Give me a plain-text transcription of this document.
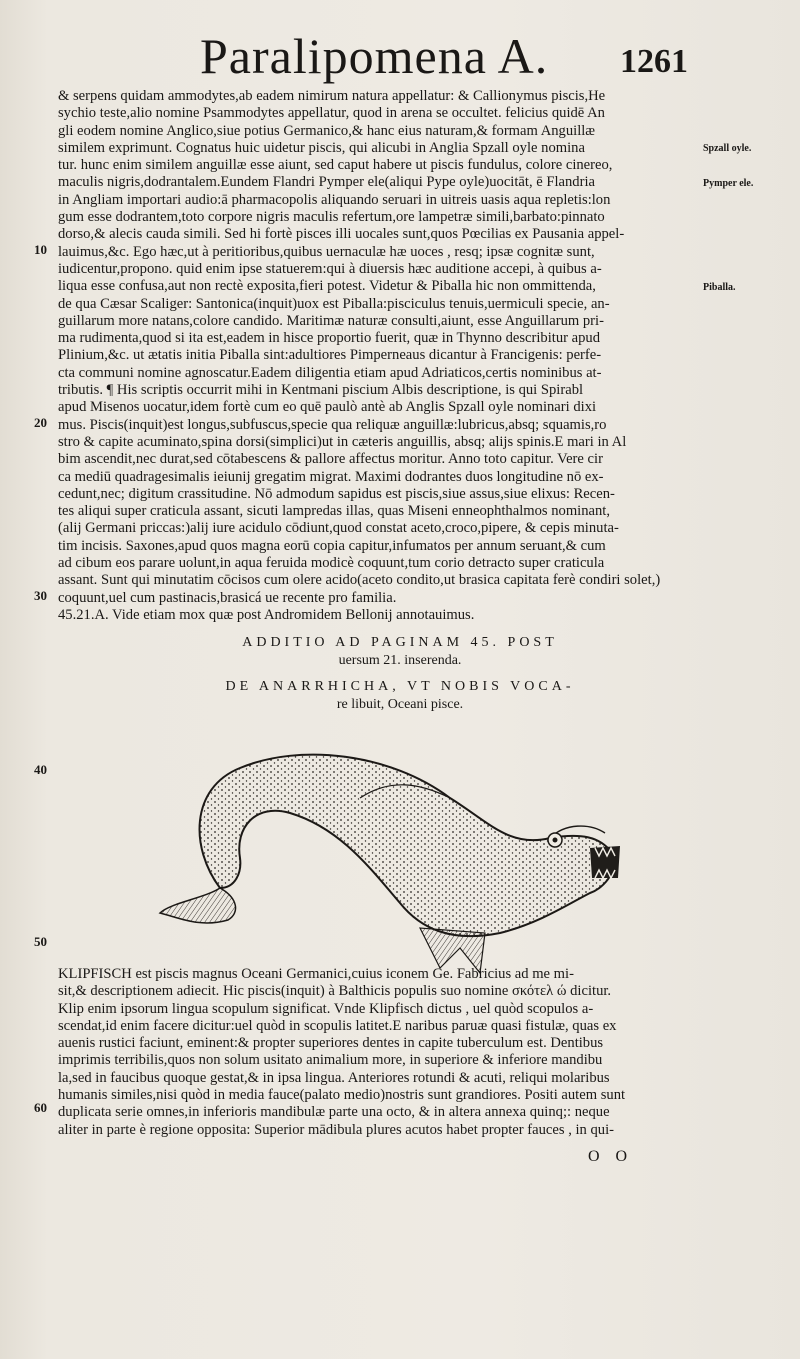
Paralipomena A. 1261
& serpens quidam ammodytes,ab eadem nimirum natura appellatur: & Callionymus piscis,He
sychio teste,alio nomine Psammodytes appellatur, quod in arena se occultet. felicius quidē An
gli eodem nomine Anglico,siue potius Germanico,& hanc eius naturam,& formam Anguillæ
similem exprimunt. Cognatus huic uidetur piscis, qui alicubi in Anglia Spzall oyle nomina
tur. hunc enim similem anguillæ esse aiunt, sed caput habere ut piscis fundulus, colore cinereo,
maculis nigris,dodrantalem.Eundem Flandri Pymper ele(aliqui Pype oyle)uocitāt, ē Flandria
in Angliam importari audio:ā pharmacopolis aliquando seruari in uitreis uasis aqua repletis:lon
gum esse dodrantem,toto corpore nigris maculis refertum,ore lampetræ simili,barbato:pinnato
dorso,& alecis cauda simili. Sed hi fortè pisces illi uocales sunt,quos Pœcilias ex Pausania appel-
lauimus,&c. Ego hæc,ut à peritioribus,quibus uernaculæ hæ uoces , resq; ipsæ cognitæ sunt,
iudicentur,propono. quid enim ipse statuerem:qui à diuersis hæc auditione accepi, à quibus a-
liqua esse confusa,aut non rectè exposita,fieri potest. Videtur & Piballa hic non ommittenda,
de qua Cæsar Scaliger: Santonica(inquit)uox est Piballa:pisciculus tenuis,uermiculi specie, an-
guillarum more natans,colore candido. Maritimæ naturæ consulti,aiunt, esse Anguillarum pri-
ma rudimenta,quod si ita est,eadem in hisce proportio fuerit, quæ in Thynno describitur apud
Plinium,&c. ut ætatis initia Piballa sint:adultiores Pimperneaus dicantur à Francigenis: perfe-
cta communi nomine agnoscatur.Eadem diligentia etiam apud Adriaticos,certis nominibus at-
tributis. ¶ His scriptis occurrit mihi in Kentmani piscium Albis descriptione, is qui Spirabl
apud Misenos uocatur,idem fortè cum eo quē paulò antè ab Anglis Spzall oyle nominari dixi
mus. Piscis(inquit)est longus,subfuscus,specie qua reliquæ anguillæ:lubricus,absq; squamis,ro
stro & capite acuminato,spina dorsi(simplici)ut in cæteris anguillis, absq; alijs spinis.E mari in Al
bim ascendit,nec durat,sed cōtabescens & pallore affectus moritur. Anno toto capitur. Vere cir
ca mediū quadragesimalis ieiunij gregatim migrat. Maximi dodrantes duos longitudine nō ex-
cedunt,nec; digitum crassitudine. Nō admodum sapidus est piscis,siue assus,siue elixus: Recen-
tes aliqui super craticula assant, sicuti lampredas illas, quas Miseni enneophthalmos nominant,
(alij Germani priccas:)alij iure acidulo cōdiunt,quod constat aceto,croco,pipere, & cepis minuta-
tim incisis. Saxones,apud quos magna eorū copia capitur,infumatos per annum seruant,& cum
ad cibum eos parare uolunt,in aqua feruida modicè coquunt,tum corio detracto super craticula
assant. Sunt qui minutatim cōcisos cum olere acido(aceto condito,ut brasica capitata ferè condiri solet,)
coquunt,uel cum pastinacis,brasicá ue recente pro familia.
45.21.A. Vide etiam mox quæ post Andromidem Bellonij annotauimus.
ADDITIO AD PAGINAM 45. POST
uersum 21. inserenda.
DE ANARRHICHA, VT NOBIS VOCA-
re libuit, Oceani pisce.
KLIPFISCH est piscis magnus Oceani Germanici,cuius iconem Ge. Fabricius ad me mi-
sit,& descriptionem adiecit. Hic piscis(inquit) à Balthicis populis suo nomine σκότελ ώ dicitur.
Klip enim ipsorum lingua scopulum significat. Vnde Klipfisch dictus , uel quòd scopulos a-
scendat,id enim facere dicitur:uel quòd in scopulis latitet.E naribus paruæ quasi fistulæ, quas ex
auenis rustici faciunt, eminent:& propter superiores dentes in capite tuberculum est. Dentibus
imprimis terribilis,quos non solum usitato animalium more, in superiore & inferiore mandibu
la,sed in faucibus quoque gestat,& in ipsa lingua. Anteriores rotundi & acuti, reliqui molaribus
humanis similes,nisi quòd in media fauce(palato medio)nostris sunt grandiores. Positi autem sunt
duplicata serie omnes,in inferioris mandibulæ parte una octo, & in altera annexa quinq;: neque
aliter in parte è regione opposita: Superior mādibula plures acutos habet propter fauces , in qui-
10
20
30
40
50
60
Spzall oyle.
Pymper ele.
Piballa.
O O
